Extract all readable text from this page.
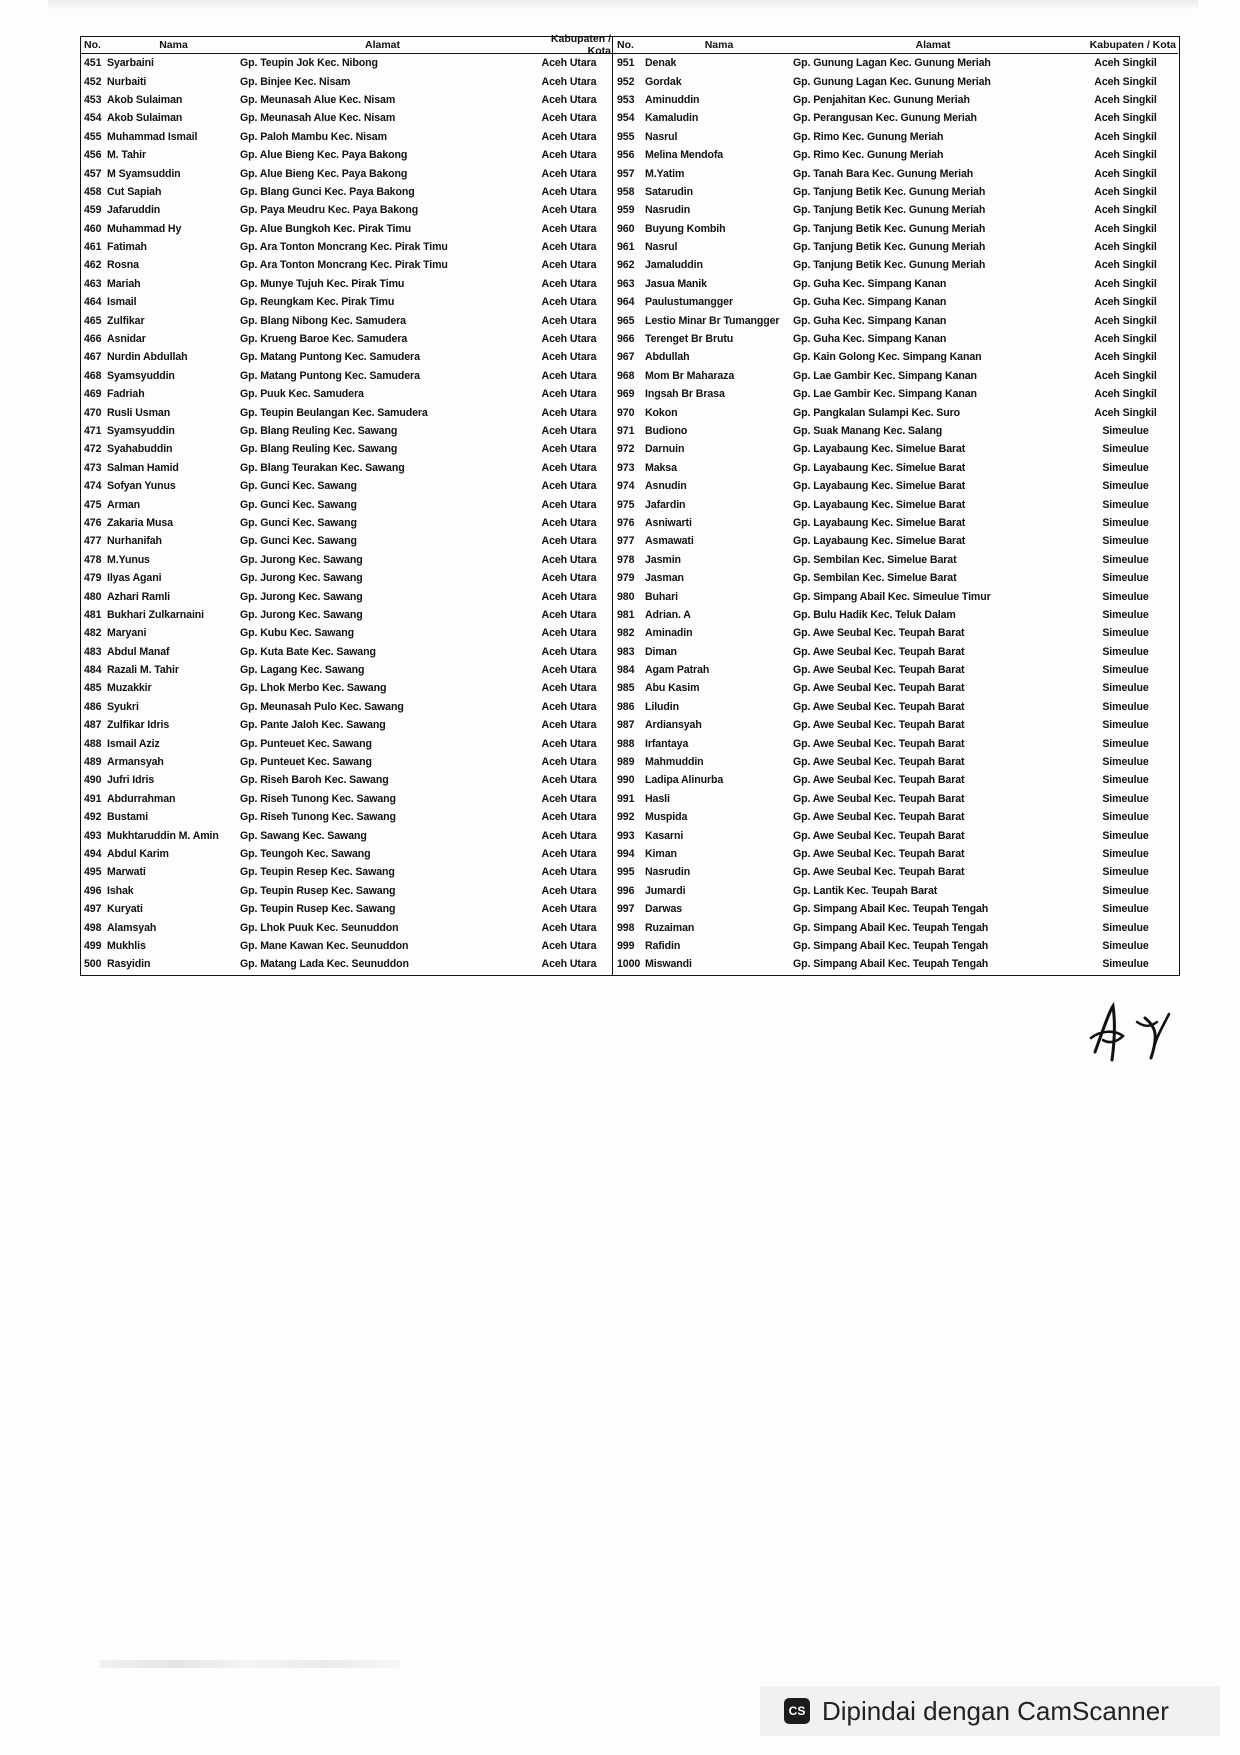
No.	Nama	Alamat	Kabupaten / Kota
451 Syarbaini	Gp. Teupin Jok Kec. Nibong	Aceh Utara
452 Nurbaiti	Gp. Binjee Kec. Nisam	Aceh Utara
453 Akob Sulaiman	Gp. Meunasah Alue Kec. Nisam	Aceh Utara
454 Akob Sulaiman	Gp. Meunasah Alue Kec. Nisam	Aceh Utara
455 Muhammad Ismail	Gp. Paloh Mambu Kec. Nisam	Aceh Utara
456 M. Tahir	Gp. Alue Bieng Kec. Paya Bakong	Aceh Utara
457 M Syamsuddin	Gp. Alue Bieng Kec. Paya Bakong	Aceh Utara
458 Cut Sapiah	Gp. Blang Gunci Kec. Paya Bakong	Aceh Utara
459 Jafaruddin	Gp. Paya Meudru Kec. Paya Bakong	Aceh Utara
460 Muhammad Hy	Gp. Alue Bungkoh Kec. Pirak Timu	Aceh Utara
461 Fatimah	Gp. Ara Tonton Moncrang Kec. Pirak Timu	Aceh Utara
462 Rosna	Gp. Ara Tonton Moncrang Kec. Pirak Timu	Aceh Utara
463 Mariah	Gp. Munye Tujuh Kec. Pirak Timu	Aceh Utara
464 Ismail	Gp. Reungkam Kec. Pirak Timu	Aceh Utara
465 Zulfikar	Gp. Blang Nibong Kec. Samudera	Aceh Utara
466 Asnidar	Gp. Krueng Baroe Kec. Samudera	Aceh Utara
467 Nurdin Abdullah	Gp. Matang Puntong Kec. Samudera	Aceh Utara
468 Syamsyuddin	Gp. Matang Puntong Kec. Samudera	Aceh Utara
469 Fadriah	Gp. Puuk Kec. Samudera	Aceh Utara
470 Rusli Usman	Gp. Teupin Beulangan Kec. Samudera	Aceh Utara
471 Syamsyuddin	Gp. Blang Reuling Kec. Sawang	Aceh Utara
472 Syahabuddin	Gp. Blang Reuling Kec. Sawang	Aceh Utara
473 Salman Hamid	Gp. Blang Teurakan Kec. Sawang	Aceh Utara
474 Sofyan Yunus	Gp. Gunci Kec. Sawang	Aceh Utara
475 Arman	Gp. Gunci Kec. Sawang	Aceh Utara
476 Zakaria Musa	Gp. Gunci Kec. Sawang	Aceh Utara
477 Nurhanifah	Gp. Gunci Kec. Sawang	Aceh Utara
478 M.Yunus	Gp. Jurong Kec. Sawang	Aceh Utara
479 Ilyas Agani	Gp. Jurong Kec. Sawang	Aceh Utara
480 Azhari Ramli	Gp. Jurong Kec. Sawang	Aceh Utara
481 Bukhari Zulkarnaini	Gp. Jurong Kec. Sawang	Aceh Utara
482 Maryani	Gp. Kubu Kec. Sawang	Aceh Utara
483 Abdul Manaf	Gp. Kuta Bate Kec. Sawang	Aceh Utara
484 Razali M. Tahir	Gp. Lagang Kec. Sawang	Aceh Utara
485 Muzakkir	Gp. Lhok Merbo Kec. Sawang	Aceh Utara
486 Syukri	Gp. Meunasah Pulo Kec. Sawang	Aceh Utara
487 Zulfikar Idris	Gp. Pante Jaloh Kec. Sawang	Aceh Utara
488 Ismail Aziz	Gp. Punteuet Kec. Sawang	Aceh Utara
489 Armansyah	Gp. Punteuet Kec. Sawang	Aceh Utara
490 Jufri Idris	Gp. Riseh Baroh Kec. Sawang	Aceh Utara
491 Abdurrahman	Gp. Riseh Tunong Kec. Sawang	Aceh Utara
492 Bustami	Gp. Riseh Tunong Kec. Sawang	Aceh Utara
493 Mukhtaruddin M. Amin	Gp. Sawang Kec. Sawang	Aceh Utara
494 Abdul Karim	Gp. Teungoh Kec. Sawang	Aceh Utara
495 Marwati	Gp. Teupin Resep Kec. Sawang	Aceh Utara
496 Ishak	Gp. Teupin Rusep Kec. Sawang	Aceh Utara
497 Kuryati	Gp. Teupin Rusep Kec. Sawang	Aceh Utara
498 Alamsyah	Gp. Lhok Puuk Kec. Seunuddon	Aceh Utara
499 Mukhlis	Gp. Mane Kawan Kec. Seunuddon	Aceh Utara
500 Rasyidin	Gp. Matang Lada Kec. Seunuddon	Aceh Utara
No.	Nama	Alamat	Kabupaten / Kota
951	Denak	Gp. Gunung Lagan Kec. Gunung Meriah	Aceh Singkil
952	Gordak	Gp. Gunung Lagan Kec. Gunung Meriah	Aceh Singkil
953	Aminuddin	Gp. Penjahitan Kec. Gunung Meriah	Aceh Singkil
954	Kamaludin	Gp. Perangusan Kec. Gunung Meriah	Aceh Singkil
955	Nasrul	Gp. Rimo Kec. Gunung Meriah	Aceh Singkil
956	Melina Mendofa	Gp. Rimo Kec. Gunung Meriah	Aceh Singkil
957	M.Yatim	Gp. Tanah Bara Kec. Gunung Meriah	Aceh Singkil
958	Satarudin	Gp. Tanjung Betik Kec. Gunung Meriah	Aceh Singkil
959	Nasrudin	Gp. Tanjung Betik Kec. Gunung Meriah	Aceh Singkil
960	Buyung Kombih	Gp. Tanjung Betik Kec. Gunung Meriah	Aceh Singkil
961	Nasrul	Gp. Tanjung Betik Kec. Gunung Meriah	Aceh Singkil
962	Jamaluddin	Gp. Tanjung Betik Kec. Gunung Meriah	Aceh Singkil
963	Jasua Manik	Gp. Guha Kec. Simpang Kanan	Aceh Singkil
964	Paulustumangger	Gp. Guha Kec. Simpang Kanan	Aceh Singkil
965	Lestio Minar Br Tumangger	Gp. Guha Kec. Simpang Kanan	Aceh Singkil
966	Terenget Br Brutu	Gp. Guha Kec. Simpang Kanan	Aceh Singkil
967	Abdullah	Gp. Kain Golong Kec. Simpang Kanan	Aceh Singkil
968	Mom Br Maharaza	Gp. Lae Gambir Kec. Simpang Kanan	Aceh Singkil
969	Ingsah Br Brasa	Gp. Lae Gambir Kec. Simpang Kanan	Aceh Singkil
970	Kokon	Gp. Pangkalan Sulampi Kec. Suro	Aceh Singkil
971	Budiono	Gp. Suak Manang Kec. Salang	Simeulue
972	Darnuin	Gp. Layabaung Kec. Simelue Barat	Simeulue
973	Maksa	Gp. Layabaung Kec. Simelue Barat	Simeulue
974	Asnudin	Gp. Layabaung Kec. Simelue Barat	Simeulue
975	Jafardin	Gp. Layabaung Kec. Simelue Barat	Simeulue
976	Asniwarti	Gp. Layabaung Kec. Simelue Barat	Simeulue
977	Asmawati	Gp. Layabaung Kec. Simelue Barat	Simeulue
978	Jasmin	Gp. Sembilan Kec. Simelue Barat	Simeulue
979	Jasman	Gp. Sembilan Kec. Simelue Barat	Simeulue
980	Buhari	Gp. Simpang Abail Kec. Simeulue Timur	Simeulue
981	Adrian. A	Gp. Bulu Hadik Kec. Teluk Dalam	Simeulue
982	Aminadin	Gp. Awe Seubal Kec. Teupah Barat	Simeulue
983	Diman	Gp. Awe Seubal Kec. Teupah Barat	Simeulue
984	Agam Patrah	Gp. Awe Seubal Kec. Teupah Barat	Simeulue
985	Abu Kasim	Gp. Awe Seubal Kec. Teupah Barat	Simeulue
986	Liludin	Gp. Awe Seubal Kec. Teupah Barat	Simeulue
987	Ardiansyah	Gp. Awe Seubal Kec. Teupah Barat	Simeulue
988	Irfantaya	Gp. Awe Seubal Kec. Teupah Barat	Simeulue
989	Mahmuddin	Gp. Awe Seubal Kec. Teupah Barat	Simeulue
990	Ladipa Alinurba	Gp. Awe Seubal Kec. Teupah Barat	Simeulue
991	Hasli	Gp. Awe Seubal Kec. Teupah Barat	Simeulue
992	Muspida	Gp. Awe Seubal Kec. Teupah Barat	Simeulue
993	Kasarni	Gp. Awe Seubal Kec. Teupah Barat	Simeulue
994	Kiman	Gp. Awe Seubal Kec. Teupah Barat	Simeulue
995	Nasrudin	Gp. Awe Seubal Kec. Teupah Barat	Simeulue
996	Jumardi	Gp. Lantik Kec. Teupah Barat	Simeulue
997	Darwas	Gp. Simpang Abail Kec. Teupah Tengah	Simeulue
998	Ruzaiman	Gp. Simpang Abail Kec. Teupah Tengah	Simeulue
999	Rafidin	Gp. Simpang Abail Kec. Teupah Tengah	Simeulue
1000 Miswandi	Gp. Simpang Abail Kec. Teupah Tengah	Simeulue
CS Dipindai dengan CamScanner
